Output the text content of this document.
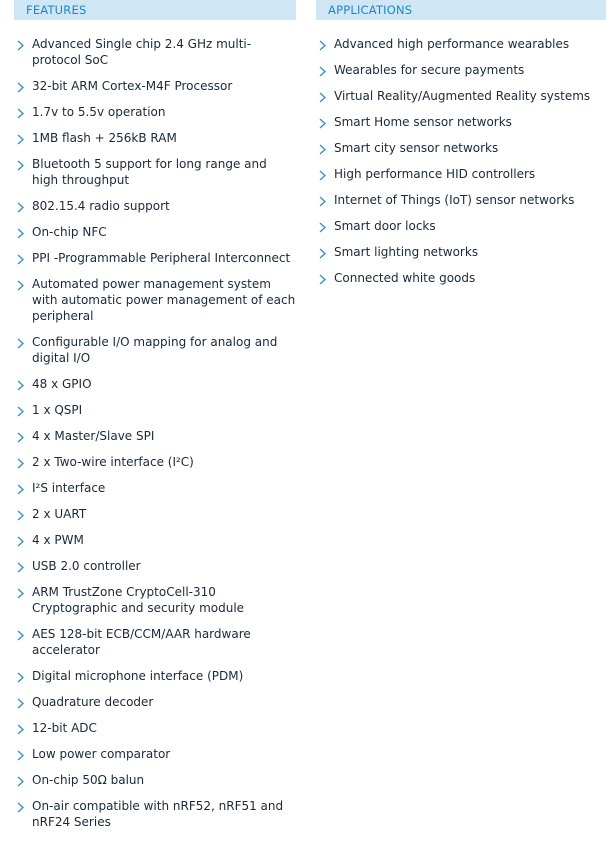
FEATURES
Advanced Single chip 2.4 GHz multi-protocol SoC
32-bit ARM Cortex-M4F Processor
1.7v to 5.5v operation
1MB flash + 256kB RAM
Bluetooth 5 support for long range and high throughput
802.15.4 radio support
On-chip NFC
PPI -Programmable Peripheral Interconnect
Automated power management system with automatic power management of each peripheral
Configurable I/O mapping for analog and digital I/O
48 x GPIO
1 x QSPI
4 x Master/Slave SPI
2 x Two-wire interface (I²C)
I²S interface
2 x UART
4 x PWM
USB 2.0 controller
ARM TrustZone CryptoCell-310 Cryptographic and security module
AES 128-bit ECB/CCM/AAR hardware accelerator
Digital microphone interface (PDM)
Quadrature decoder
12-bit ADC
Low power comparator
On-chip 50Ω balun
On-air compatible with nRF52, nRF51 and nRF24 Series
APPLICATIONS
Advanced high performance wearables
Wearables for secure payments
Virtual Reality/Augmented Reality systems
Smart Home sensor networks
Smart city sensor networks
High performance HID controllers
Internet of Things (IoT) sensor networks
Smart door locks
Smart lighting networks
Connected white goods
